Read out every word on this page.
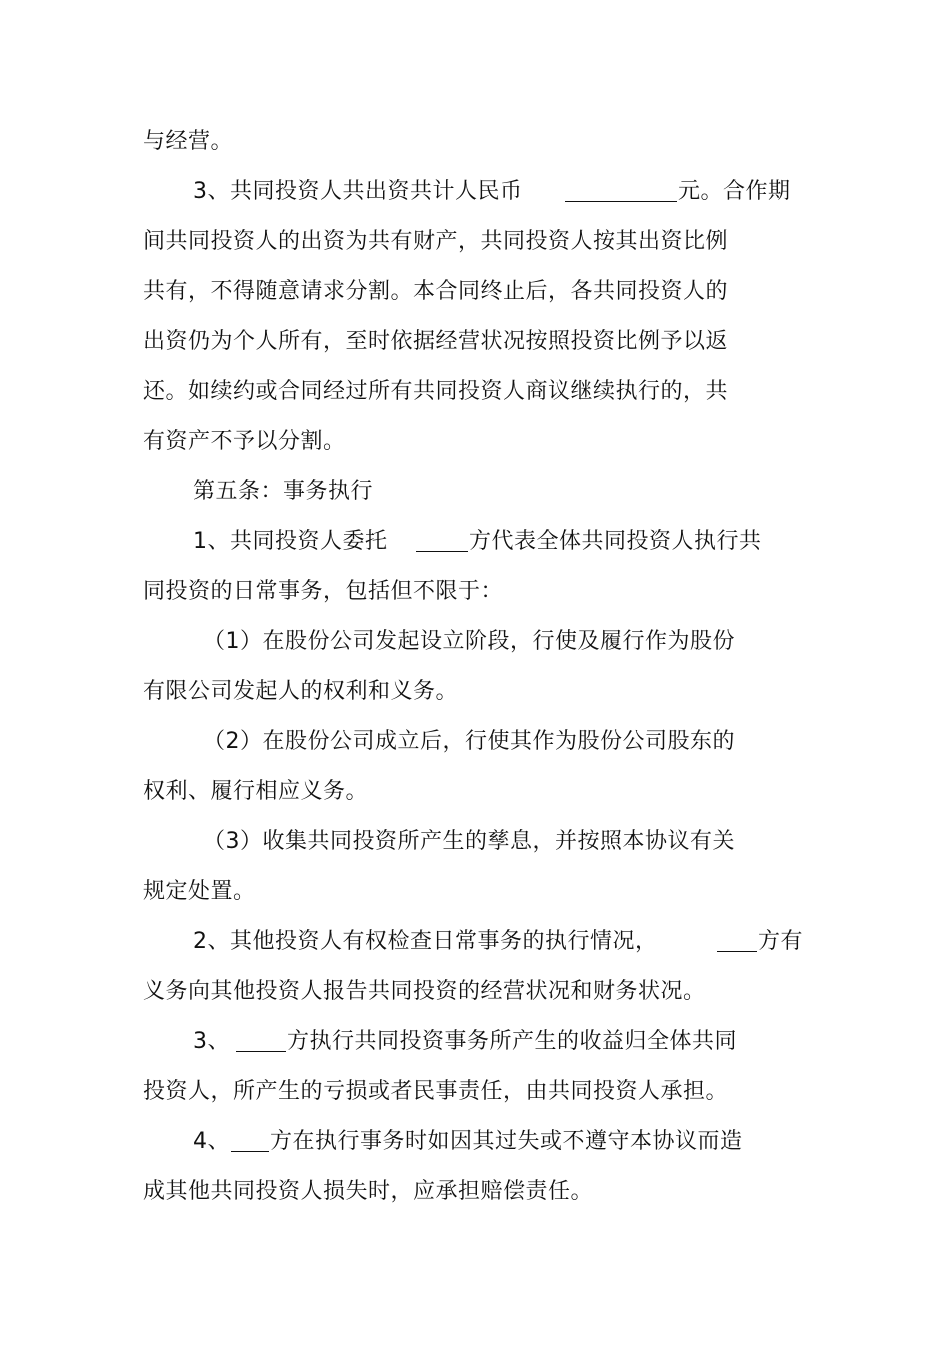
与经营。
3、共同投资人共出资共计人民币	元。合作期
间共同投资人的出资为共有财产，共同投资人按其出资比例
共有，不得随意请求分割。本合同终止后，各共同投资人的
出资仍为个人所有，至时依据经营状况按照投资比例予以返
还。如续约或合同经过所有共同投资人商议继续执行的，共
有资产不予以分割。
第五条：事务执行
1、共同投资人委托	方代表全体共同投资人执行共
同投资的日常事务，包括但不限于：
（1）在股份公司发起设立阶段，行使及履行作为股份
有限公司发起人的权利和义务。
（2）在股份公司成立后，行使其作为股份公司股东的
权利、履行相应义务。
（3）收集共同投资所产生的孳息，并按照本协议有关
规定处置。
2、其他投资人有权检查日常事务的执行情况，	方有
义务向其他投资人报告共同投资的经营状况和财务状况。
3、	方执行共同投资事务所产生的收益归全体共同
投资人，所产生的亏损或者民事责任，由共同投资人承担。
4、 方在执行事务时如因其过失或不遵守本协议而造
成其他共同投资人损失时，应承担赔偿责任。
